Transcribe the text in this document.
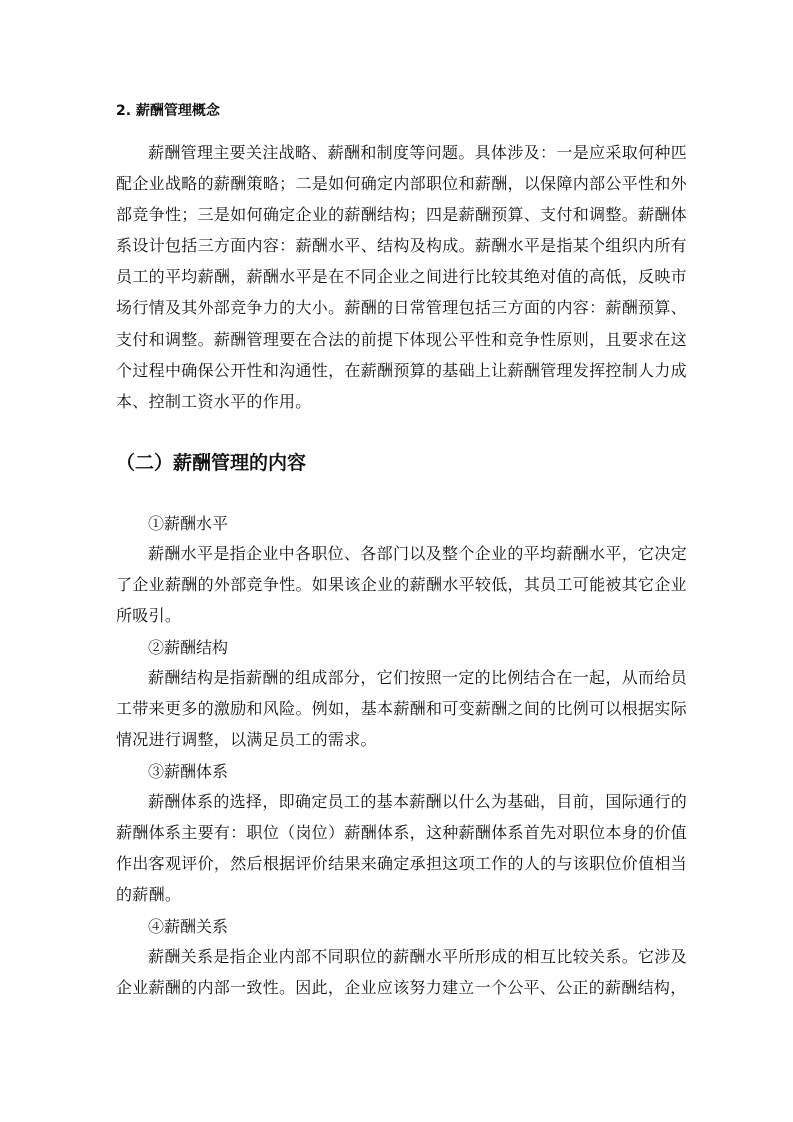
2. 薪酬管理概念

薪酬管理主要关注战略、薪酬和制度等问题。具体涉及：一是应采取何种匹配企业战略的薪酬策略；二是如何确定内部职位和薪酬，以保障内部公平性和外部竞争性；三是如何确定企业的薪酬结构；四是薪酬预算、支付和调整。薪酬体系设计包括三方面内容：薪酬水平、结构及构成。薪酬水平是指某个组织内所有员工的平均薪酬，薪酬水平是在不同企业之间进行比较其绝对值的高低，反映市场行情及其外部竞争力的大小。薪酬的日常管理包括三方面的内容：薪酬预算、支付和调整。薪酬管理要在合法的前提下体现公平性和竞争性原则，且要求在这个过程中确保公开性和沟通性，在薪酬预算的基础上让薪酬管理发挥控制人力成本、控制工资水平的作用。

（二）薪酬管理的内容
①薪酬水平

薪酬水平是指企业中各职位、各部门以及整个企业的平均薪酬水平，它决定了企业薪酬的外部竞争性。如果该企业的薪酬水平较低，其员工可能被其它企业所吸引。

②薪酬结构

薪酬结构是指薪酬的组成部分，它们按照一定的比例结合在一起，从而给员工带来更多的激励和风险。例如，基本薪酬和可变薪酬之间的比例可以根据实际情况进行调整，以满足员工的需求。

③薪酬体系

薪酬体系的选择，即确定员工的基本薪酬以什么为基础，目前，国际通行的薪酬体系主要有：职位（岗位）薪酬体系，这种薪酬体系首先对职位本身的价值作出客观评价，然后根据评价结果来确定承担这项工作的人的与该职位价值相当的薪酬。

④薪酬关系

薪酬关系是指企业内部不同职位的薪酬水平所形成的相互比较关系。它涉及企业薪酬的内部一致性。因此，企业应该努力建立一个公平、公正的薪酬结构，
